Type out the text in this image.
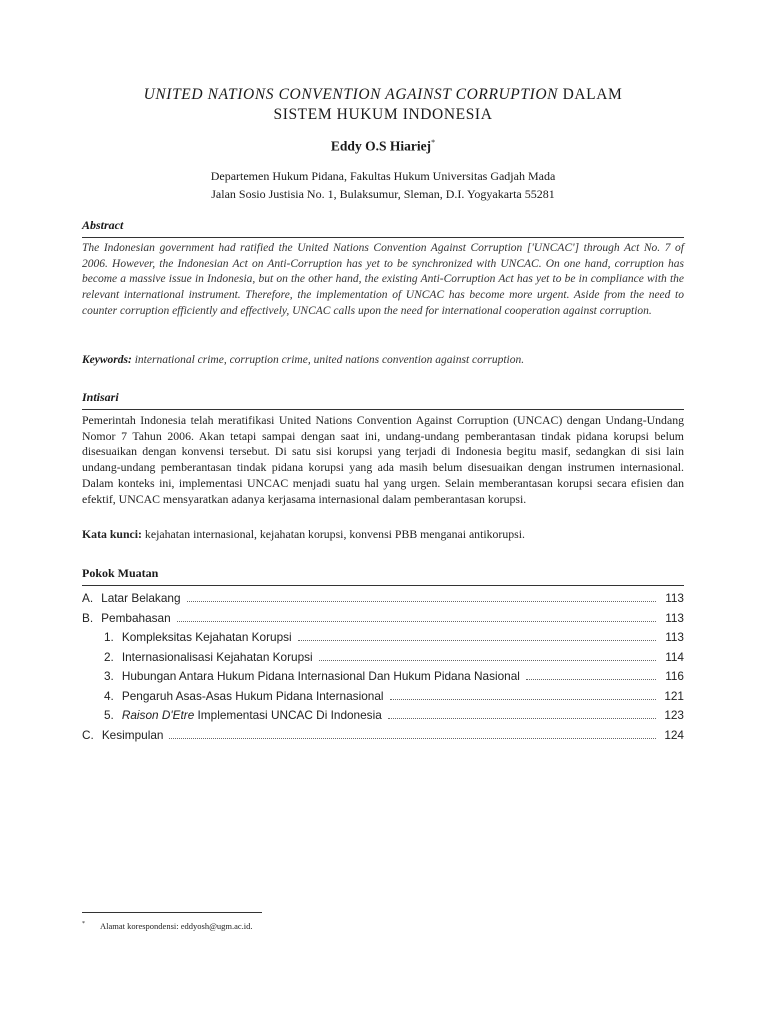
UNITED NATIONS CONVENTION AGAINST CORRUPTION DALAM
SISTEM HUKUM INDONESIA
Eddy O.S Hiariej*
Departemen Hukum Pidana, Fakultas Hukum Universitas Gadjah Mada
Jalan Sosio Justisia No. 1, Bulaksumur, Sleman, D.I. Yogyakarta 55281
Abstract
The Indonesian government had ratified the United Nations Convention Against Corruption ['UNCAC'] through Act No. 7 of 2006. However, the Indonesian Act on Anti-Corruption has yet to be synchronized with UNCAC. On one hand, corruption has become a massive issue in Indonesia, but on the other hand, the existing Anti-Corruption Act has yet to be in compliance with the relevant international instrument. Therefore, the implementation of UNCAC has become more urgent. Aside from the need to counter corruption efficiently and effectively, UNCAC calls upon the need for international cooperation against corruption.
Keywords: international crime, corruption crime, united nations convention against corruption.
Intisari
Pemerintah Indonesia telah meratifikasi United Nations Convention Against Corruption (UNCAC) dengan Undang-Undang Nomor 7 Tahun 2006. Akan tetapi sampai dengan saat ini, undang-undang pemberantasan tindak pidana korupsi belum disesuaikan dengan konvensi tersebut. Di satu sisi korupsi yang terjadi di Indonesia begitu masif, sedangkan di sisi lain undang-undang pemberantasan tindak pidana korupsi yang ada masih belum disesuaikan dengan instrumen internasional. Dalam konteks ini, implementasi UNCAC menjadi suatu hal yang urgen. Selain memberantasan korupsi secara efisien dan efektif, UNCAC mensyaratkan adanya kerjasama internasional dalam pemberantasan korupsi.
Kata kunci: kejahatan internasional, kejahatan korupsi, konvensi PBB menganai antikorupsi.
Pokok Muatan
A. Latar Belakang	113
B. Pembahasan	113
1. Kompleksitas Kejahatan Korupsi	113
2. Internasionalisasi Kejahatan Korupsi	114
3. Hubungan Antara Hukum Pidana Internasional Dan Hukum Pidana Nasional	116
4. Pengaruh Asas-Asas Hukum Pidana Internasional	121
5. Raison D'Etre Implementasi UNCAC Di Indonesia	123
C. Kesimpulan	124
* Alamat korespondensi: eddyosh@ugm.ac.id.
